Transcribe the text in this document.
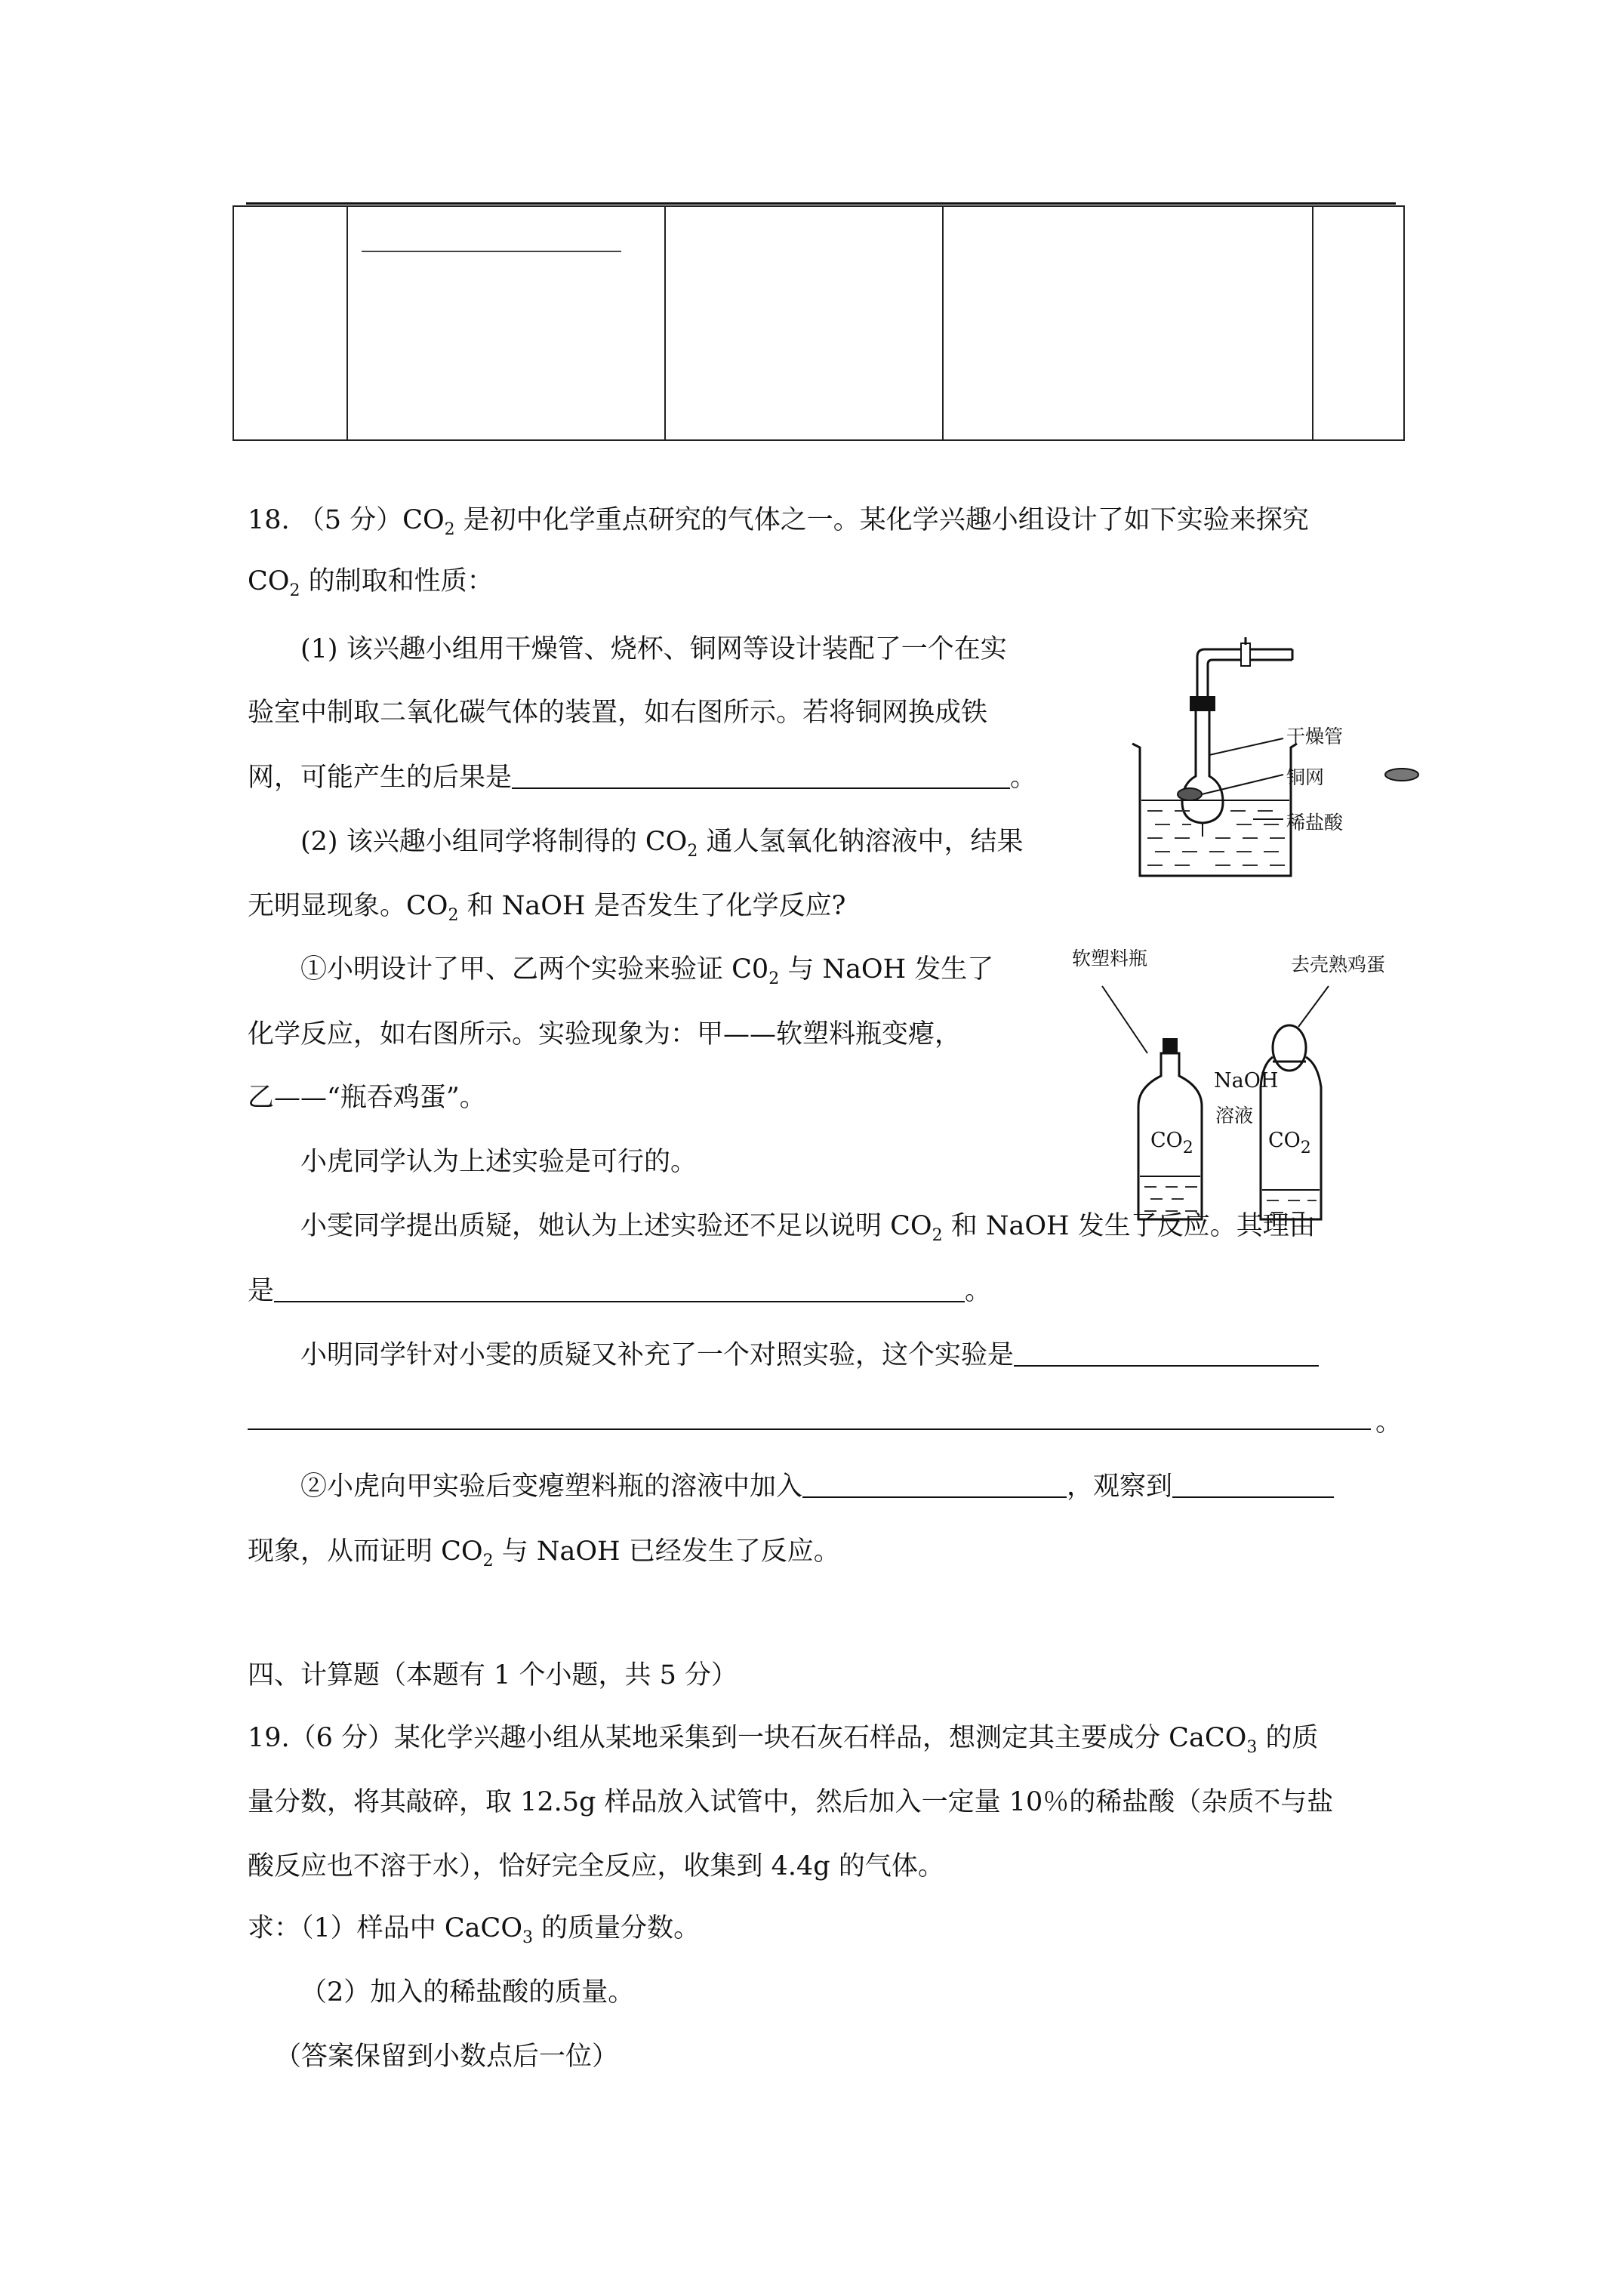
18. （5 分）$CO_2$ 是初中化学重点研究的气体之一。某化学兴趣小组设计了如下实验来探究
$CO_2$ 的制取和性质：
(1) 该兴趣小组用干燥管、烧杯、铜网等设计装配了一个在实
验室中制取二氧化碳气体的装置，如右图所示。若将铜网换成铁
网，可能产生的后果是	。
(2) 该兴趣小组同学将制得的 $CO_2$ 通人氢氧化钠溶液中，结果
无明显现象。$CO_2$ 和 NaOH 是否发生了化学反应?
①小明设计了甲、乙两个实验来验证 $C0_2$ 与 NaOH 发生了
化学反应，如右图所示。实验现象为：甲——软塑料瓶变瘪，
乙——“瓶吞鸡蛋”。
小虎同学认为上述实验是可行的。
小雯同学提出质疑，她认为上述实验还不足以说明 $CO_2$ 和 NaOH 发生了反应。其理由
是	。
小明同学针对小雯的质疑又补充了一个对照实验，这个实验是
。
②小虎向甲实验后变瘪塑料瓶的溶液中加入	，观察到
现象，从而证明 $CO_2$ 与 NaOH 已经发生了反应。
干燥管
铜网
稀盐酸
软塑料瓶	去壳熟鸡蛋
$CO_2$
NaOH
溶液
$CO_2$
四、计算题（本题有 1 个小题，共 5 分）
19.（6 分）某化学兴趣小组从某地采集到一块石灰石样品，想测定其主要成分 CaCO$_3$ 的质
量分数，将其敲碎，取 12.5g 样品放入试管中，然后加入一定量 10％的稀盐酸（杂质不与盐
酸反应也不溶于水），恰好完全反应，收集到 4.4g 的气体。
求：（1）样品中 CaCO$_3$ 的质量分数。
（2）加入的稀盐酸的质量。
（答案保留到小数点后一位）
